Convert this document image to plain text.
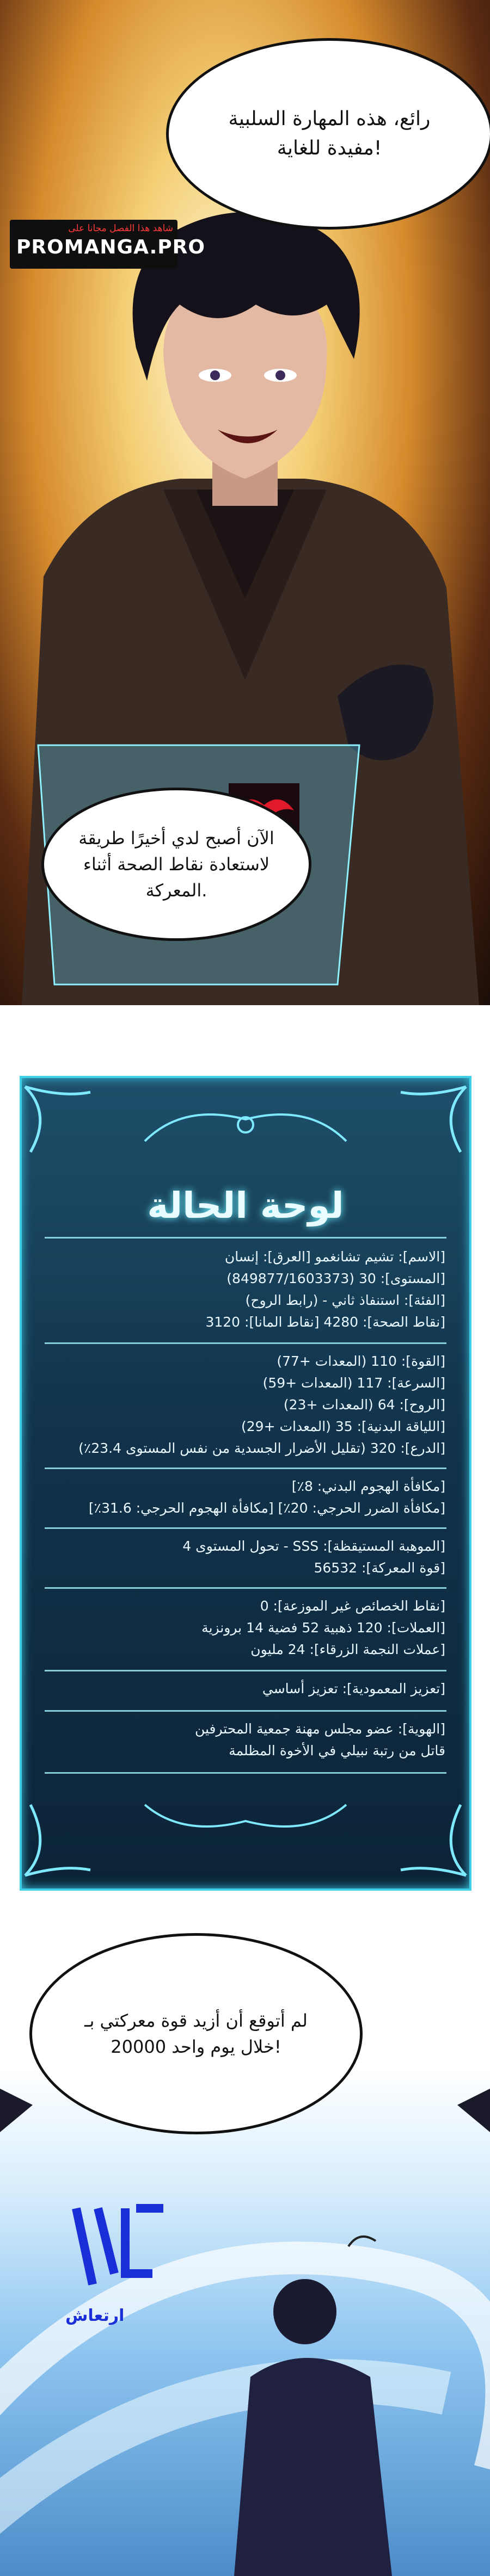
شاهد هذا الفصل مجانا على
PROMANGA.PRO
رائع، هذه المهارة السلبية
مفيدة للغاية!
الآن أصبح لدي أخيرًا طريقة
لاستعادة نقاط الصحة أثناء
المعركة.
لوحة الحالة
[الاسم]: تشيم تشانغمو [العرق]: إنسان
[المستوى]: 30 (849877/1603373)
[الفئة]: استنفاذ ثاني - (رابط الروح)
[نقاط الصحة]: 4280 [نقاط المانا]: 3120
[القوة]: 110 (المعدات +77)
[السرعة]: 117 (المعدات +59)
[الروح]: 64 (المعدات +23)
[اللياقة البدنية]: 35 (المعدات +29)
[الدرع]: 320 (تقليل الأضرار الجسدية من نفس المستوى 23.4٪)
[مكافأة الهجوم البدني: 8٪]
[مكافأة الضرر الحرجي: 20٪] [مكافأة الهجوم الحرجي: 31.6٪]
[الموهبة المستيقظة]: SSS - تحول المستوى 4
[قوة المعركة]: 56532
[نقاط الخصائص غير الموزعة]: 0
[العملات]: 120 ذهبية 52 فضية 14 برونزية
[عملات النجمة الزرقاء]: 24 مليون
[تعزيز المعمودية]: تعزيز أساسي
[الهوية]: عضو مجلس مهنة جمعية المحترفين
قاتل من رتبة نبيلي في الأخوة المظلمة
لم أتوقع أن أزيد قوة معركتي بـ
20000 خلال يوم واحد!
ارتعاش
